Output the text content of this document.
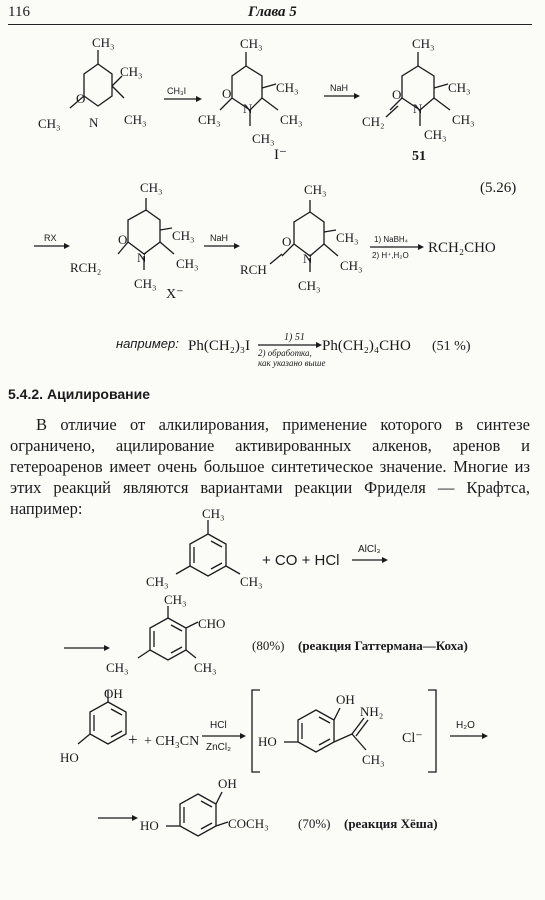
116	Глава 5
CH₃
O
N
CH₃
CH₃
CH₃
CH₃I
CH₃
O
N
CH₃
CH₃
CH₃
CH₃
I⁻
NaH
CH₃
O
N
CH₂
CH₃
CH₃
CH₃
51
(5.26)
RX
CH₃
O
N
RCH₂
CH₃
CH₃
CH₃
X⁻
NaH
CH₃
O
N
RCH
CH₃
CH₃
CH₃
1) NaBH₄
2) H⁺,H₂O RCH₂CHO
например: Ph(CH₂)₃I
1) 51
2) обработка,
как указано выше
Ph(CH₂)₄CHO (51 %)
5.4.2. Ацилирование

В отличие от алкилирования, применение которого в синтезе ограничено, ацилирование активированных алкенов, аренов и гетероаренов имеет очень большое синтетическое значение. Многие из этих реакций являются вариантами реакции Фриделя — Крафтса, например:	CH₃
CH₃	CH₃
+ CO + HCl
AlCl₃
CH₃
CHO
CH₃
CH₃
(80%) (реакция Гаттермана—Коха)
OH
HO
+ + CH₃CN
HCl
ZnCl₂
OH
HO
NH₂
CH₃
Cl⁻
H₂O
OH
HO	COCH₃ (70%) (реакция Хёша)
